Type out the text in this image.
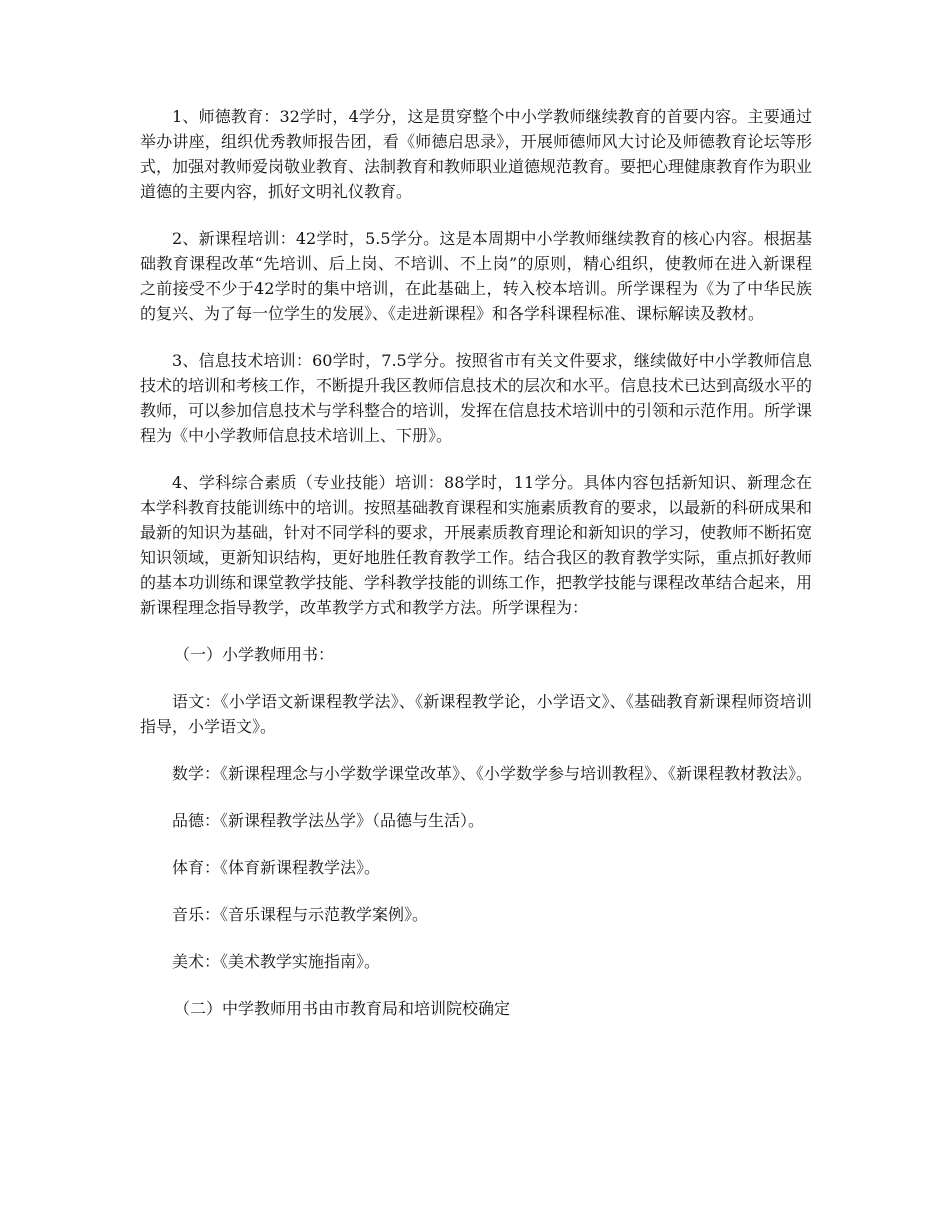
1、师德教育：32学时，4学分，这是贯穿整个中小学教师继续教育的首要内容。主要通过举办讲座，组织优秀教师报告团，看《师德启思录》，开展师德师风大讨论及师德教育论坛等形式，加强对教师爱岗敬业教育、法制教育和教师职业道德规范教育。要把心理健康教育作为职业道德的主要内容，抓好文明礼仪教育。

2、新课程培训：42学时，5.5学分。这是本周期中小学教师继续教育的核心内容。根据基础教育课程改革“先培训、后上岗、不培训、不上岗”的原则，精心组织，使教师在进入新课程之前接受不少于42学时的集中培训，在此基础上，转入校本培训。所学课程为《为了中华民族的复兴、为了每一位学生的发展》、《走进新课程》和各学科课程标准、课标解读及教材。

3、信息技术培训：60学时，7.5学分。按照省市有关文件要求，继续做好中小学教师信息技术的培训和考核工作，不断提升我区教师信息技术的层次和水平。信息技术已达到高级水平的教师，可以参加信息技术与学科整合的培训，发挥在信息技术培训中的引领和示范作用。所学课程为《中小学教师信息技术培训上、下册》。

4、学科综合素质（专业技能）培训：88学时，11学分。具体内容包括新知识、新理念在本学科教育技能训练中的培训。按照基础教育课程和实施素质教育的要求，以最新的科研成果和最新的知识为基础，针对不同学科的要求，开展素质教育理论和新知识的学习，使教师不断拓宽知识领域，更新知识结构，更好地胜任教育教学工作。结合我区的教育教学实际，重点抓好教师的基本功训练和课堂教学技能、学科教学技能的训练工作，把教学技能与课程改革结合起来，用新课程理念指导教学，改革教学方式和教学方法。所学课程为：

（一）小学教师用书：

语文：《小学语文新课程教学法》、《新课程教学论，小学语文》、《基础教育新课程师资培训指导，小学语文》。

数学：《新课程理念与小学数学课堂改革》、《小学数学参与培训教程》、《新课程教材教法》。

品德：《新课程教学法丛学》（品德与生活）。

体育：《体育新课程教学法》。

音乐：《音乐课程与示范教学案例》。

美术：《美术教学实施指南》。

（二）中学教师用书由市教育局和培训院校确定
